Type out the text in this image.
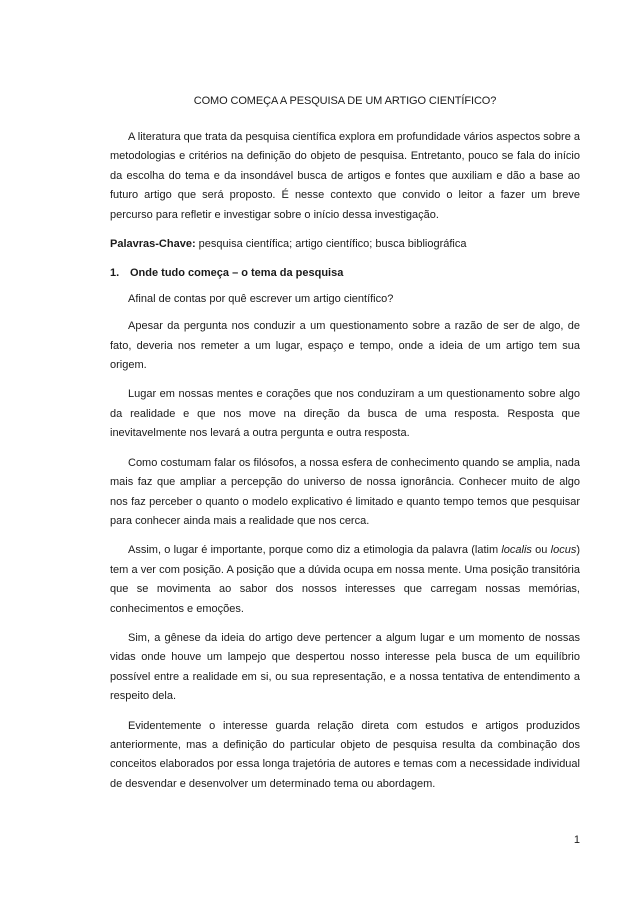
COMO COMEÇA A PESQUISA DE UM ARTIGO CIENTÍFICO?

A literatura que trata da pesquisa científica explora em profundidade vários aspectos sobre a metodologias e critérios na definição do objeto de pesquisa. Entretanto, pouco se fala do início da escolha do tema e da insondável busca de artigos e fontes que auxiliam e dão a base ao futuro artigo que será proposto. É nesse contexto que convido o leitor a fazer um breve percurso para refletir e investigar sobre o início dessa investigação.

Palavras-Chave: pesquisa científica; artigo científico; busca bibliográfica

1. Onde tudo começa – o tema da pesquisa

Afinal de contas por quê escrever um artigo científico?

Apesar da pergunta nos conduzir a um questionamento sobre a razão de ser de algo, de fato, deveria nos remeter a um lugar, espaço e tempo, onde a ideia de um artigo tem sua origem.

Lugar em nossas mentes e corações que nos conduziram a um questionamento sobre algo da realidade e que nos move na direção da busca de uma resposta. Resposta que inevitavelmente nos levará a outra pergunta e outra resposta.

Como costumam falar os filósofos, a nossa esfera de conhecimento quando se amplia, nada mais faz que ampliar a percepção do universo de nossa ignorância. Conhecer muito de algo nos faz perceber o quanto o modelo explicativo é limitado e quanto tempo temos que pesquisar para conhecer ainda mais a realidade que nos cerca.

Assim, o lugar é importante, porque como diz a etimologia da palavra (latim localis ou locus) tem a ver com posição. A posição que a dúvida ocupa em nossa mente. Uma posição transitória que se movimenta ao sabor dos nossos interesses que carregam nossas memórias, conhecimentos e emoções.

Sim, a gênese da ideia do artigo deve pertencer a algum lugar e um momento de nossas vidas onde houve um lampejo que despertou nosso interesse pela busca de um equilíbrio possível entre a realidade em si, ou sua representação, e a nossa tentativa de entendimento a respeito dela.

Evidentemente o interesse guarda relação direta com estudos e artigos produzidos anteriormente, mas a definição do particular objeto de pesquisa resulta da combinação dos conceitos elaborados por essa longa trajetória de autores e temas com a necessidade individual de desvendar e desenvolver um determinado tema ou abordagem.

1
